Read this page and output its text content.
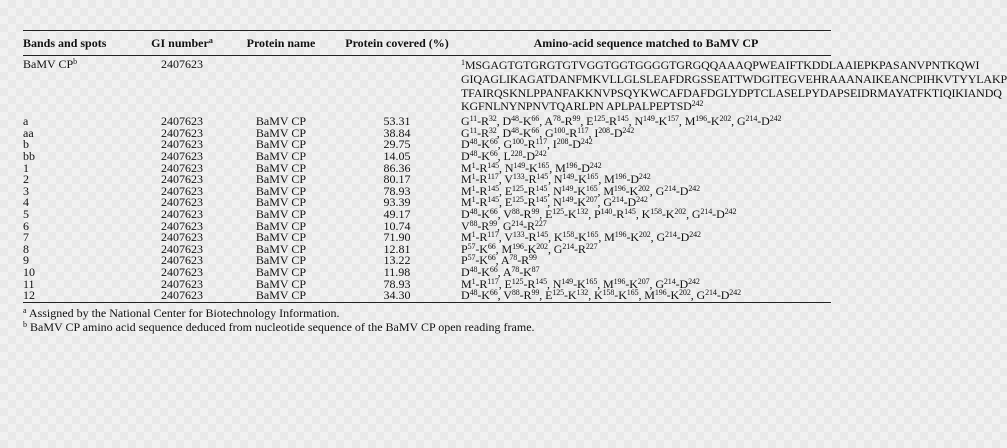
Bands and spots	GI number$^a$	Protein name	Protein covered (%)	Amino-acid sequence matched to BaMV CP

BaMV $CP^b$	2407623			$^1$MSGAGTGTGRGTGTVGGTGGTGGGGTGRGQQAAAQPWEAIFTKDDLAAIEPKPASANVPNTKQWI
GIQAGLIKAGATDANFMKVLLGLSLEAFDRGSSEATTWDGITEGVEHRAAANAIKEANCPIHKVTYYLAKP
TFAIRQSKNLPPANFAKKNVPSQYKWCAFDAFDGLYDPTCLASELPYDAPSEIDRMAYATFKTIQIKIANDQ
KGFNLNYNPNVTQARLPN APLPALPEPTSD$^{242}$

a	2407623	BaMV CP	53.31	$G^{11}-R^{32}$, $D^{48}-K^{66}$, $A^{78}-R^{99}$, $E^{125}-R^{145}$, $N^{149}-K^{157}$, $M^{196}-K^{202}$, $G^{214}-D^{242}$
aa	2407623	BaMV CP	38.84	$G^{11}-R^{32}$, $D^{48}-K^{66}$, $G^{100}-R^{117}$, $I^{208}-D^{242}$
b	2407623	BaMV CP	29.75	$D^{48}-K^{66}$, $G^{100}-R^{117}$, $I^{208}-D^{242}$
bb	2407623	BaMV CP	14.05	$D^{48}-K^{66}$, $L^{228}-D^{242}$
1	2407623	BaMV CP	86.36	$M^1-R^{145}$, $N^{149}-K^{165}$, $M^{196}-D^{242}$
2	2407623	BaMV CP	80.17	$M^1-R^{117}$, $V^{133}-R^{145}$, $N^{149}-K^{165}$, $M^{196}-D^{242}$
3	2407623	BaMV CP	78.93	$M^1-R^{145}$, $E^{125}-R^{145}$, $N^{149}-K^{165}$, $M^{196}-K^{202}$, $G^{214}-D^{242}$
4	2407623	BaMV CP	93.39	$M^1-R^{145}$, $E^{125}-R^{145}$, $N^{149}-K^{207}$, $G^{214}-D^{242}$
5	2407623	BaMV CP	49.17	$D^{48}-K^{66}$, $V^{88}-R^{99}$, $E^{125}-K^{132}$, $P^{140}-R^{145}$, $K^{158}-K^{202}$, $G^{214}-D^{242}$
6	2407623	BaMV CP	10.74	$V^{88}-R^{99}$, $G^{214}-R^{227}$
7	2407623	BaMV CP	71.90	$M^1-R^{117}$, $V^{133}-R^{145}$, $K^{158}-K^{165}$, $M^{196}-K^{202}$, $G^{214}-D^{242}$
8	2407623	BaMV CP	12.81	$P^{57}-K^{66}$, $M^{196}-K^{202}$, $G^{214}-R^{227}$
9	2407623	BaMV CP	13.22	$P^{57}-K^{66}$, $A^{78}-R^{99}$
10	2407623	BaMV CP	11.98	$D^{48}-K^{66}$, $A^{78}-K^{87}$
11	2407623	BaMV CP	78.93	$M^1-R^{117}$, $E^{125}-R^{145}$, $N^{149}-K^{165}$, $M^{196}-K^{207}$, $G^{214}-D^{242}$
12	2407623	BaMV CP	34.30	$D^{48}-K^{66}$, $V^{88}-R^{99}$, $E^{125}-K^{132}$, $K^{158}-K^{165}$, $M^{196}-K^{202}$, $G^{214}-D^{242}$
$^a$ Assigned by the National Center for Biotechnology Information.
$^b$ BaMV CP amino acid sequence deduced from nucleotide sequence of the BaMV CP open reading frame.
